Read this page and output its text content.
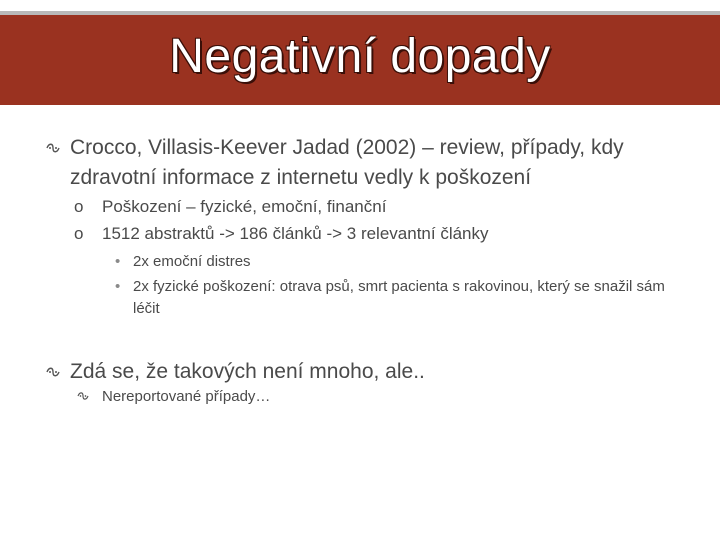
Negativní dopady
Crocco, Villasis-Keever Jadad (2002) – review, případy, kdy zdravotní informace z internetu vedly k poškození
o Poškození – fyzické, emoční, finanční
o 1512 abstraktů -> 186 článků -> 3 relevantní články
• 2x emoční distres
• 2x fyzické poškození: otrava psů, smrt pacienta s rakovinou, který se snažil sám léčit
Zdá se, že takových není mnoho, ale..
Nereportované případy…
